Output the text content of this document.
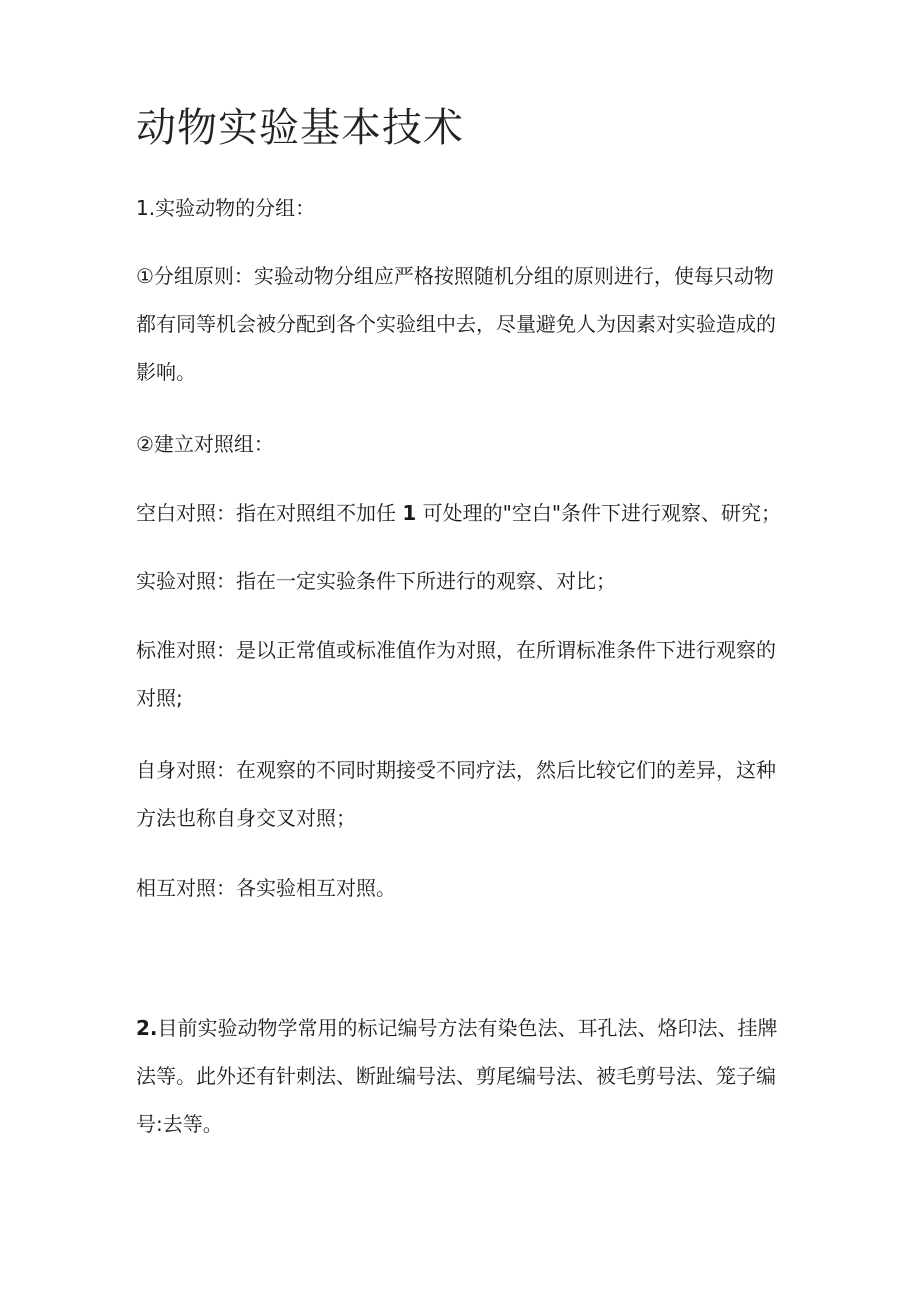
动物实验基本技术

1.实验动物的分组：

①分组原则：实验动物分组应严格按照随机分组的原则进行，使每只动物
都有同等机会被分配到各个实验组中去，尽量避免人为因素对实验造成的
影响。

②建立对照组：

空白对照：指在对照组不加任 1 可处理的"空白"条件下进行观察、研究；

实验对照：指在一定实验条件下所进行的观察、对比；

标准对照：是以正常值或标准值作为对照，在所谓标准条件下进行观察的
对照;

自身对照：在观察的不同时期接受不同疗法，然后比较它们的差异，这种
方法也称自身交叉对照；

相互对照：各实验相互对照。

2.目前实验动物学常用的标记编号方法有染色法、耳孔法、烙印法、挂牌
法等。此外还有针刺法、断趾编号法、剪尾编号法、被毛剪号法、笼子编
号:去等。
